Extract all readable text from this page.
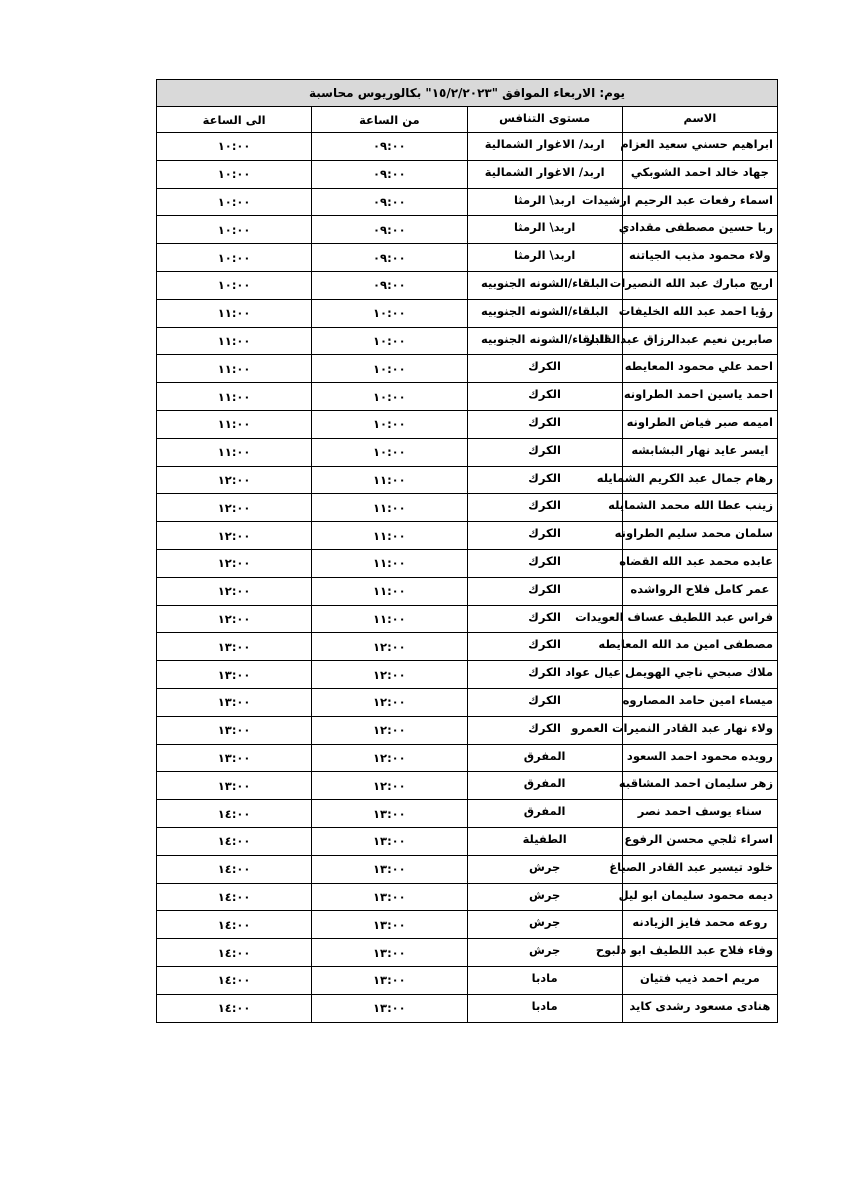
يوم: الاربعاء الموافق "١٥/٢/٢٠٢٣" بكالوريوس محاسبة			
الاسم	مستوى التنافس	من الساعة	الى الساعة
ابراهيم حسني سعيد العزام	اربد/ الاغوار الشمالية	٠٩:٠٠	١٠:٠٠
جهاد خالد احمد الشوبكي	اربد/ الاغوار الشمالية	٠٩:٠٠	١٠:٠٠
اسماء رفعات عبد الرحيم ارشيدات	اربد\ الرمثا	٠٩:٠٠	١٠:٠٠
ربا حسين مصطفى مقدادي	اربد\ الرمثا	٠٩:٠٠	١٠:٠٠
ولاء محمود مذيب الجياتنه	اربد\ الرمثا	٠٩:٠٠	١٠:٠٠
اريج مبارك عبد الله النصيرات	البلقاء/الشونه الجنوبيه	٠٩:٠٠	١٠:٠٠
رؤيا احمد عبد الله الخليفات	البلقاء/الشونه الجنوبيه	١٠:٠٠	١١:٠٠
صابرين نعيم عبدالرزاق عبدالقادر	البلقاء/الشونه الجنوبيه	١٠:٠٠	١١:٠٠
احمد علي محمود المعايطه	الكرك	١٠:٠٠	١١:٠٠
احمد ياسين احمد الطراونه	الكرك	١٠:٠٠	١١:٠٠
اميمه صبر فياض الطراونه	الكرك	١٠:٠٠	١١:٠٠
ايسر عايد نهار البشابشه	الكرك	١٠:٠٠	١١:٠٠
رهام جمال عبد الكريم الشمايله	الكرك	١١:٠٠	١٢:٠٠
زينب عطا الله محمد الشمايله	الكرك	١١:٠٠	١٢:٠٠
سلمان محمد سليم الطراونه	الكرك	١١:٠٠	١٢:٠٠
عابده محمد عبد الله القضاه	الكرك	١١:٠٠	١٢:٠٠
عمر كامل فلاح الرواشده	الكرك	١١:٠٠	١٢:٠٠
فراس عبد اللطيف عساف العويدات	الكرك	١١:٠٠	١٢:٠٠
مصطفى امين مد الله المعايطه	الكرك	١٢:٠٠	١٣:٠٠
ملاك صبحي ناجي الهويمل عيال عواد	الكرك	١٢:٠٠	١٣:٠٠
ميساء امين حامد المصاروه	الكرك	١٢:٠٠	١٣:٠٠
ولاء نهار عبد القادر النميرات العمرو	الكرك	١٢:٠٠	١٣:٠٠
رويده محمود احمد السعود	المفرق	١٢:٠٠	١٣:٠٠
زهر سليمان احمد المشاقبه	المفرق	١٢:٠٠	١٣:٠٠
سناء يوسف احمد نصر	المفرق	١٣:٠٠	١٤:٠٠
اسراء ثلجي محسن الرفوع	الطفيلة	١٣:٠٠	١٤:٠٠
خلود تيسير عبد القادر الصباغ	جرش	١٣:٠٠	١٤:٠٠
ديمه محمود سليمان ابو ليل	جرش	١٣:٠٠	١٤:٠٠
روعه محمد فايز الزيادنه	جرش	١٣:٠٠	١٤:٠٠
وفاء فلاح عبد اللطيف ابو دلبوح	جرش	١٣:٠٠	١٤:٠٠
مريم احمد ذيب فتيان	مادبا	١٣:٠٠	١٤:٠٠
هنادى مسعود رشدى كايد	مادبا	١٣:٠٠	١٤:٠٠
